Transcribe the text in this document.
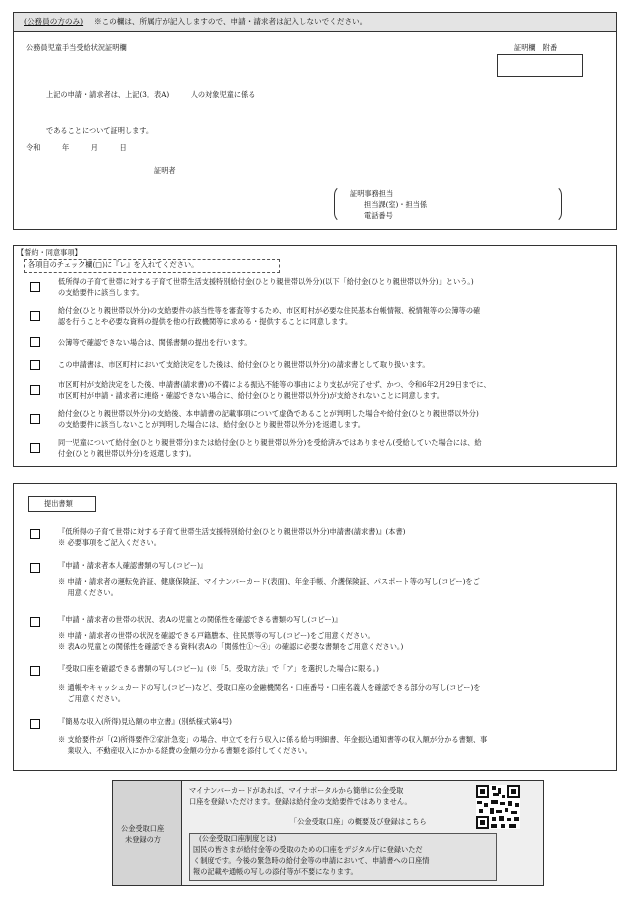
(公務員の方のみ) ※この欄は、所属庁が記入しますので、申請・請求者は記入しないでください。
公務員児童手当受給状況証明欄	証明欄　附番
上記の申請・請求者は、上記(3．表A)　　　人の対象児童に係る
であることについて証明します。
令和　　　年　　　月　　　日
証明者
証明事務担当
担当課(室)・担当係
電話番号
【誓約・同意事項】
各項目のチェック欄(□)に『レ』を入れてください。
低所得の子育て世帯に対する子育て世帯生活支援特別給付金(ひとり親世帯以外分)(以下「給付金(ひとり親世帯以外分)」という。)
の支給要件に該当します。
給付金(ひとり親世帯以外分)の支給要件の該当性等を審査等するため、市区町村が必要な住民基本台帳情報、税情報等の公簿等の確
認を行うことや必要な資料の提供を他の行政機関等に求める・提供することに同意します。
公簿等で確認できない場合は、関係書類の提出を行います。
この申請書は、市区町村において支給決定をした後は、給付金(ひとり親世帯以外分)の請求書として取り扱います。
市区町村が支給決定をした後、申請書(請求書)の不備による振込不能等の事由により支払が完了せず、かつ、令和6年2月29日までに、
市区町村が申請・請求者に連絡・確認できない場合に、給付金(ひとり親世帯以外分)が支給されないことに同意します。
給付金(ひとり親世帯以外分)の支給後、本申請書の記載事項について虚偽であることが判明した場合や給付金(ひとり親世帯以外分)
の支給要件に該当しないことが判明した場合には、給付金(ひとり親世帯以外分)を返還します。
同一児童について給付金(ひとり親世帯分)または給付金(ひとり親世帯以外分)を受給済みではありません(受給していた場合には、給
付金(ひとり親世帯以外分)を返還します)。
提出書類
『低所得の子育て世帯に対する子育て世帯生活支援特別給付金(ひとり親世帯以外分)申請書(請求書)』(本書)
※ 必要事項をご記入ください。
『申請・請求者本人確認書類の写し(コピー)』
※ 申請・請求者の運転免許証、健康保険証、マイナンバーカード(表面)、年金手帳、介護保険証、パスポート等の写し(コピー)をご
　 用意ください。
『申請・請求者の世帯の状況、表Aの児童との関係性を確認できる書類の写し(コピー)』
※ 申請・請求者の世帯の状況を確認できる戸籍謄本、住民票等の写し(コピー)をご用意ください。
※ 表Aの児童との関係性を確認できる資料(表Aの「関係性①〜④」の確認に必要な書類をご用意ください。)
『受取口座を確認できる書類の写し(コピー)』(※「5．受取方法」で「ア」を選択した場合に限る。)
※ 通帳やキャッシュカードの写し(コピー)など、受取口座の金融機関名・口座番号・口座名義人を確認できる部分の写し(コピー)を
　 ご用意ください。
『簡易な収入(所得)見込額の申立書』(別紙様式第4号)
※ 支給要件が「(2)所得要件②家計急変」の場合、申立てを行う収入に係る給与明細書、年金振込通知書等の収入額が分かる書類、事
　 業収入、不動産収入にかかる経費の金額の分かる書類を添付してください。
公金受取口座
未登録の方
マイナンバーカードがあれば、マイナポータルから簡単に公金受取
口座を登録いただけます。登録は給付金の支給要件ではありません。
「公金受取口座」の概要及び登録はこちら
(公金受取口座制度とは)
国民の皆さまが給付金等の受取のための口座をデジタル庁に登録いただ
く制度です。今後の緊急時の給付金等の申請において、申請書への口座情
報の記載や通帳の写しの添付等が不要になります。
